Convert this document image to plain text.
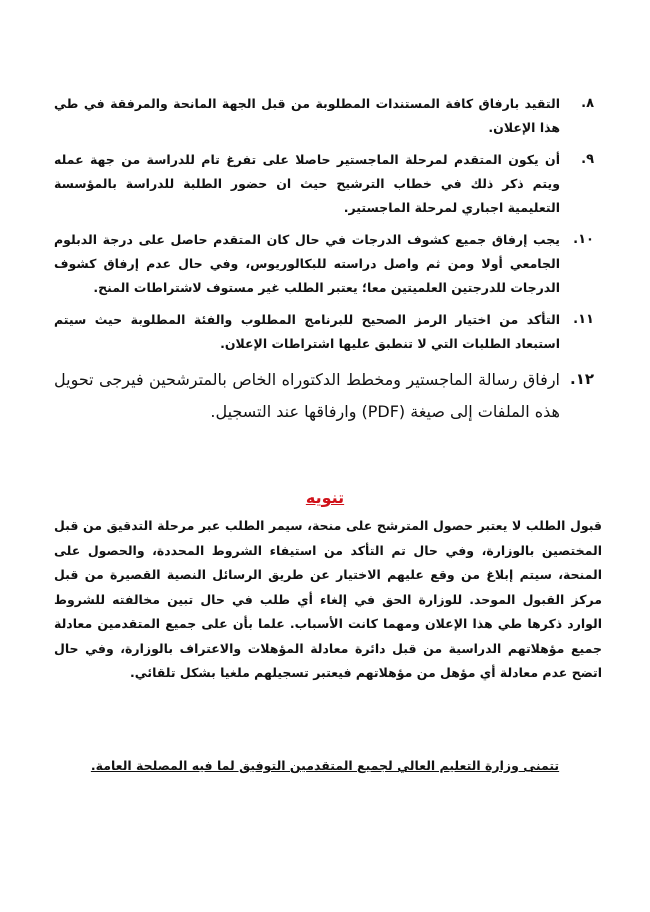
٨.
التقيد بارفاق كافة المستندات المطلوبة من قبل الجهة المانحة والمرفقة في طي هذا الإعلان.
٩.
أن يكون المتقدم لمرحلة الماجستير حاصلا على تفرغ تام للدراسة من جهة عمله ويتم ذكر ذلك في خطاب الترشيح حيث ان حضور الطلبة للدراسة بالمؤسسة التعليمية اجباري لمرحلة الماجستير.
١٠.
يجب إرفاق جميع كشوف الدرجات في حال كان المتقدم حاصل على درجة الدبلوم الجامعي أولا ومن ثم واصل دراسته للبكالوريوس، وفي حال عدم إرفاق كشوف الدرجات للدرجتين العلميتين معا؛ يعتبر الطلب غير مستوف لاشتراطات المنح.
١١.
التأكد من اختيار الرمز الصحيح للبرنامج المطلوب والفئة المطلوبة حيث سيتم استبعاد الطلبات التي لا تنطبق عليها اشتراطات الإعلان.
١٢.
ارفاق رسالة الماجستير ومخطط الدكتوراه الخاص بالمترشحين فيرجى تحويل هذه الملفات إلى صيغة (PDF) وارفاقها عند التسجيل.
تنويه
قبول الطلب لا يعتبر حصول المترشح على منحة، سيمر الطلب عبر مرحلة التدقيق من قبل المختصين بالوزارة، وفي حال تم التأكد من استيفاء الشروط المحددة، والحصول على المنحة، سيتم إبلاغ من وقع عليهم الاختيار عن طريق الرسائل النصية القصيرة من قبل مركز القبول الموحد. للوزارة الحق في إلغاء أي طلب في حال تبين مخالفته للشروط الوارد ذكرها طي هذا الإعلان ومهما كانت الأسباب. علما بأن على جميع المتقدمين معادلة جميع مؤهلاتهم الدراسية من قبل دائرة معادلة المؤهلات والاعتراف بالوزارة، وفي حال اتضح عدم معادلة أي مؤهل من مؤهلاتهم فيعتبر تسجيلهم ملغيا بشكل تلقائي.
تتمنى وزارة التعليم العالي لجميع المتقدمين التوفيق لما فيه المصلحة العامة.
